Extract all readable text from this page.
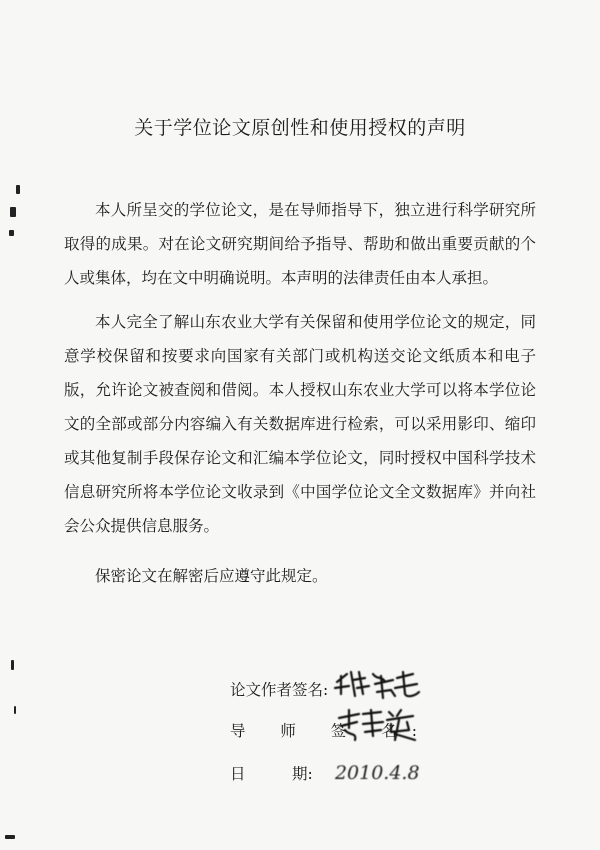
关于学位论文原创性和使用授权的声明

本人所呈交的学位论文，是在导师指导下，独立进行科学研究所取得的成果。对在论文研究期间给予指导、帮助和做出重要贡献的个人或集体，均在文中明确说明。本声明的法律责任由本人承担。

本人完全了解山东农业大学有关保留和使用学位论文的规定，同意学校保留和按要求向国家有关部门或机构送交论文纸质本和电子版，允许论文被查阅和借阅。本人授权山东农业大学可以将本学位论文的全部或部分内容编入有关数据库进行检索，可以采用影印、缩印或其他复制手段保存论文和汇编本学位论文，同时授权中国科学技术信息研究所将本学位论文收录到《中国学位论文全文数据库》并向社会公众提供信息服务。

保密论文在解密后应遵守此规定。

论文作者签名:
导 师 签 名:
日　　　期: 2010.4.8
